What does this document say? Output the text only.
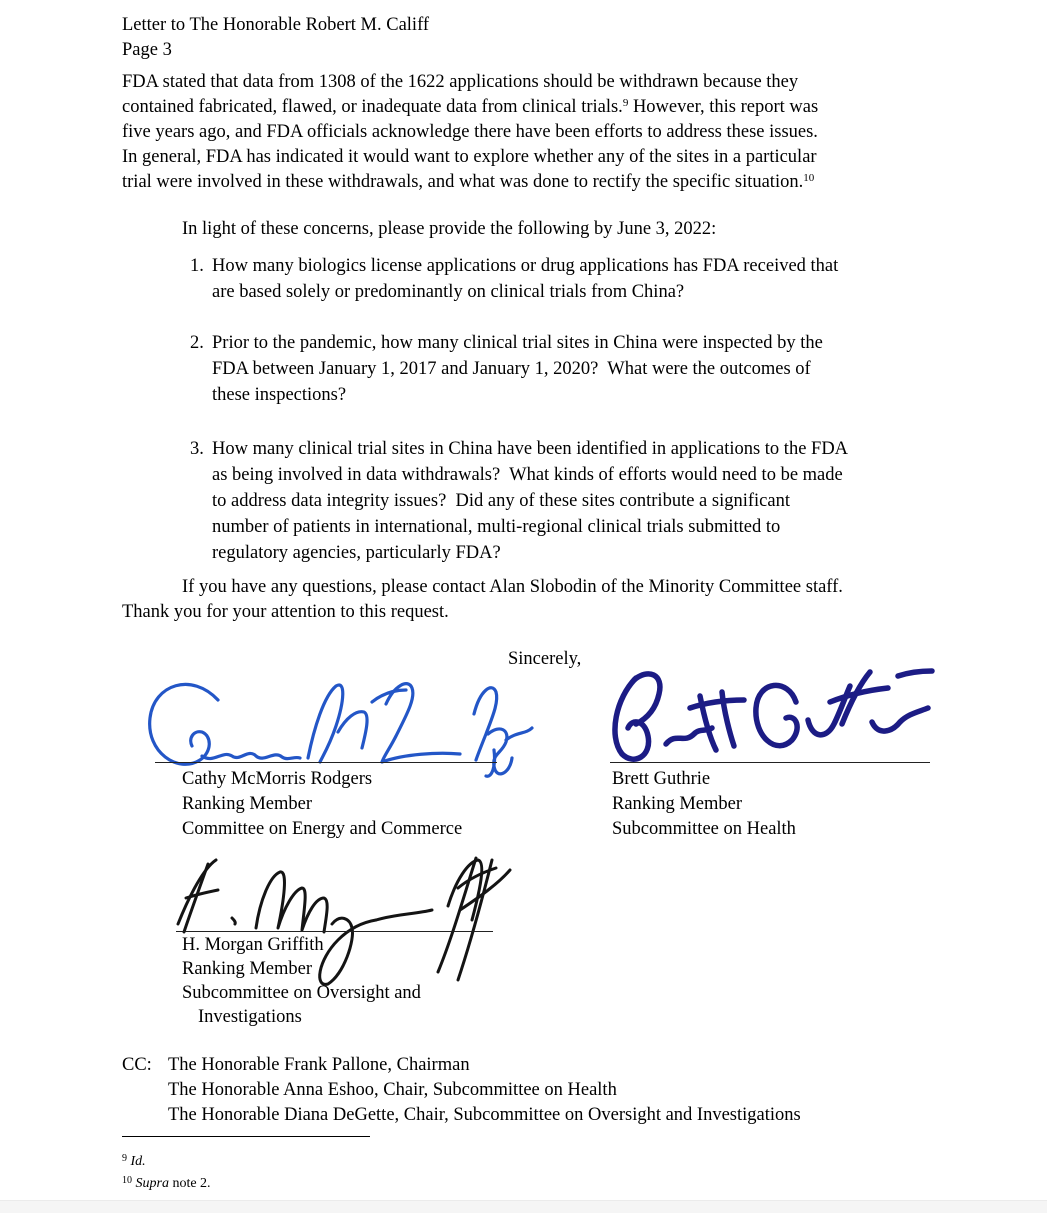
Letter to The Honorable Robert M. Califf
Page 3
FDA stated that data from 1308 of the 1622 applications should be withdrawn because they
contained fabricated, flawed, or inadequate data from clinical trials.$^9$ However, this report was
five years ago, and FDA officials acknowledge there have been efforts to address these issues.
In general, FDA has indicated it would want to explore whether any of the sites in a particular
trial were involved in these withdrawals, and what was done to rectify the specific situation.$^{10}$
In light of these concerns, please provide the following by June 3, 2022:
1. How many biologics license applications or drug applications has FDA received that
are based solely or predominantly on clinical trials from China?
2. Prior to the pandemic, how many clinical trial sites in China were inspected by the
FDA between January 1, 2017 and January 1, 2020?  What were the outcomes of
these inspections?
3. How many clinical trial sites in China have been identified in applications to the FDA
as being involved in data withdrawals?  What kinds of efforts would need to be made
to address data integrity issues?  Did any of these sites contribute a significant
number of patients in international, multi-regional clinical trials submitted to
regulatory agencies, particularly FDA?
If you have any questions, please contact Alan Slobodin of the Minority Committee staff.
Thank you for your attention to this request.
Sincerely,
Cathy McMorris Rodgers
Ranking Member
Committee on Energy and Commerce
Brett Guthrie
Ranking Member
Subcommittee on Health
H. Morgan Griffith
Ranking Member
Subcommittee on Oversight and
Investigations
CC: The Honorable Frank Pallone, Chairman
The Honorable Anna Eshoo, Chair, Subcommittee on Health
The Honorable Diana DeGette, Chair, Subcommittee on Oversight and Investigations
$^9$ Id.
$^{10}$ Supra note 2.
